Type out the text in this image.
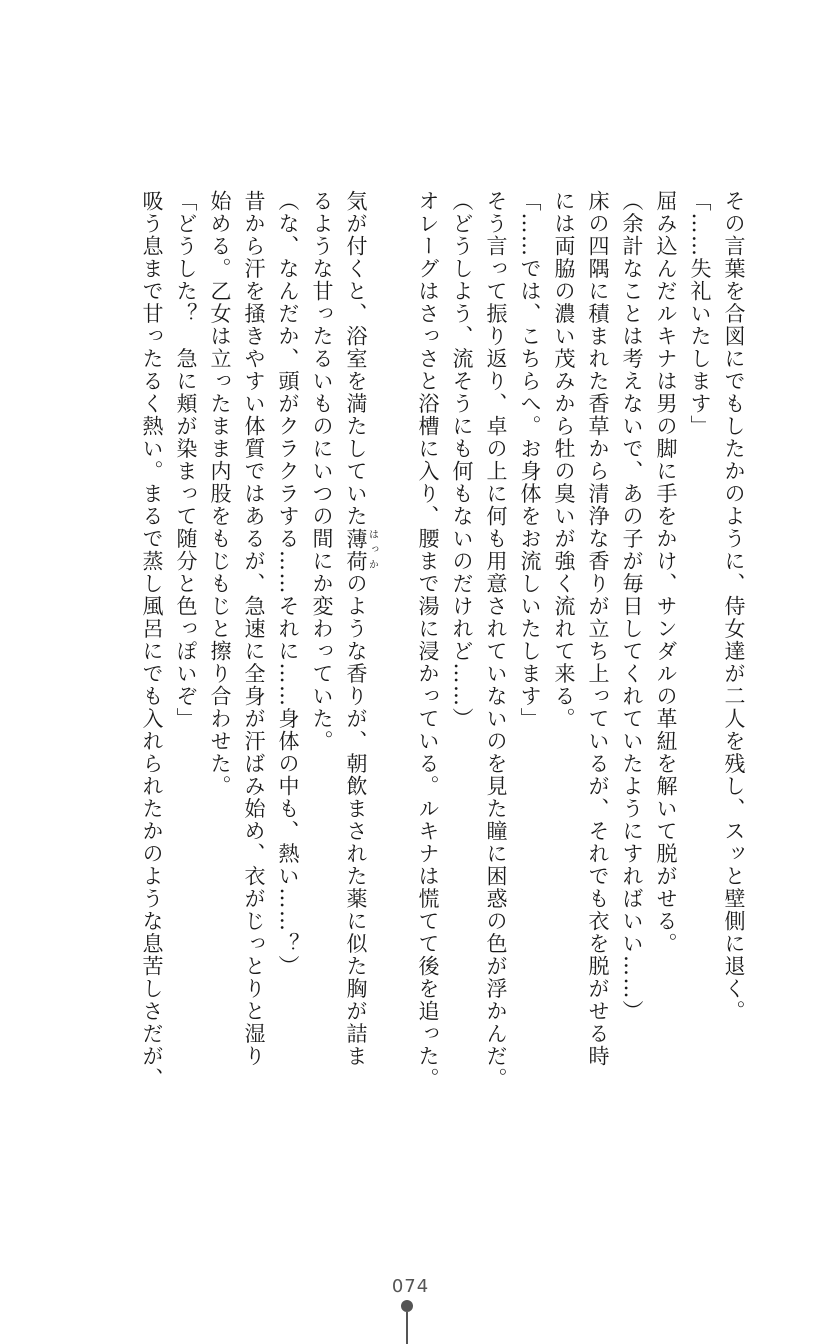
その言葉を合図にでもしたかのように、侍女達が二人を残し、スッと壁側に退く。
「……失礼いたします」
屈み込んだルキナは男の脚に手をかけ、サンダルの革紐を解いて脱がせる。
（余計なことは考えないで、あの子が毎日してくれていたようにすればいい……）
床の四隅に積まれた香草から清浄な香りが立ち上っているが、それでも衣を脱がせる時
には両脇の濃い茂みから牡の臭いが強く流れて来る。
「……では、こちらへ。お身体をお流しいたします」
そう言って振り返り、卓の上に何も用意されていないのを見た瞳に困惑の色が浮かんだ。
（どうしよう、流そうにも何もないのだけれど……）
オレーグはさっさと浴槽に入り、腰まで湯に浸かっている。ルキナは慌てて後を追った。
気が付くと、浴室を満たしていた薄荷はっかのような香りが、朝飲まされた薬に似た胸が詰ま
るような甘ったるいものにいつの間にか変わっていた。
（な、なんだか、頭がクラクラする……それに……身体の中も、熱い……？）
昔から汗を掻きやすい体質ではあるが、急速に全身が汗ばみ始め、衣がじっとりと湿り
始める。乙女は立ったまま内股をもじもじと擦り合わせた。
「どうした？　急に頬が染まって随分と色っぽいぞ」
吸う息まで甘ったるく熱い。まるで蒸し風呂にでも入れられたかのような息苦しさだが、
074
